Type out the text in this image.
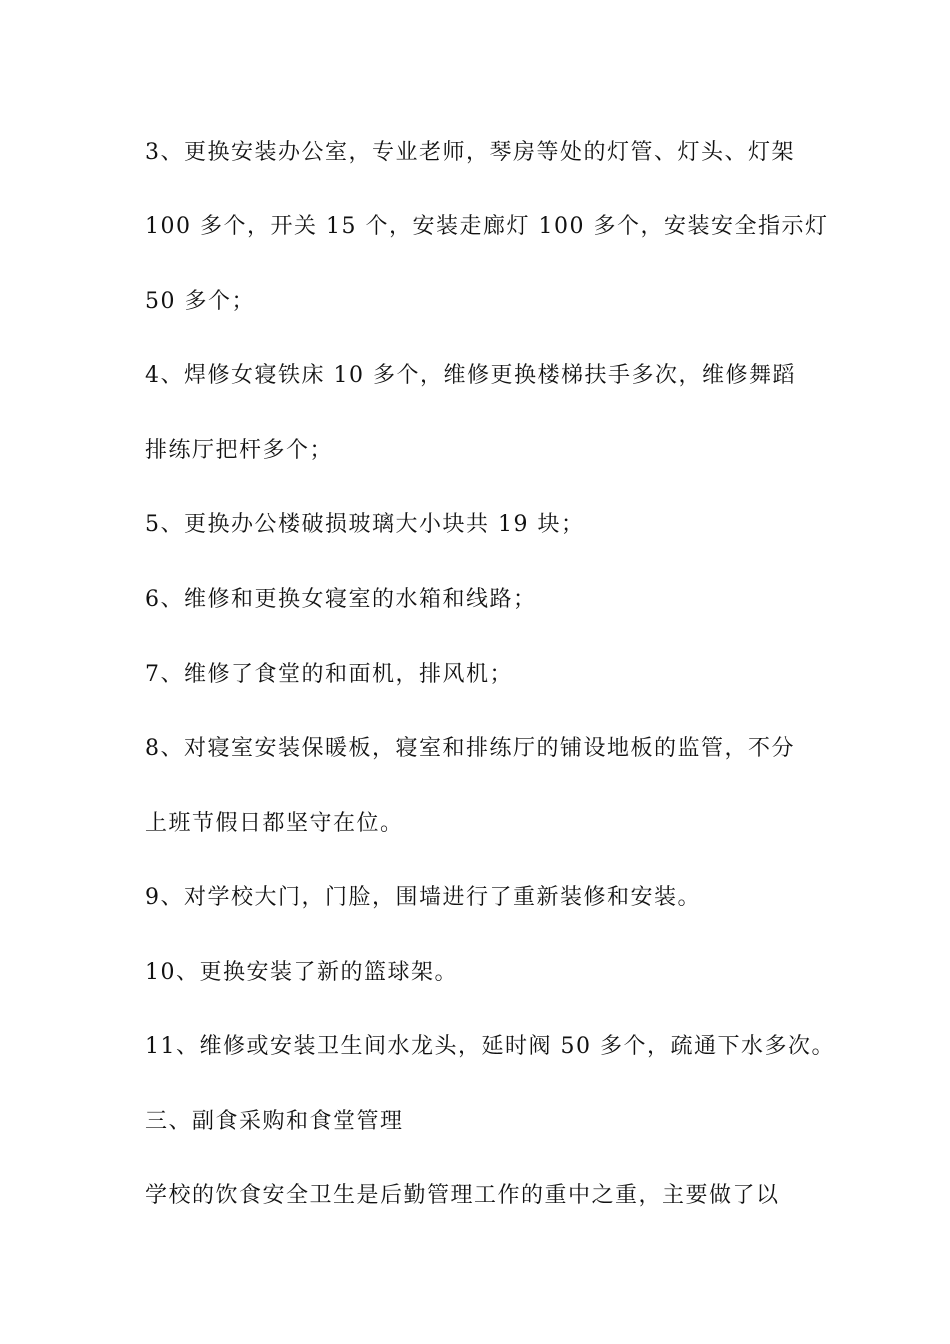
3、更换安装办公室，专业老师，琴房等处的灯管、灯头、灯架

100 多个，开关 15 个，安装走廊灯 100 多个，安装安全指示灯

50 多个；

4、焊修女寝铁床 10 多个，维修更换楼梯扶手多次，维修舞蹈

排练厅把杆多个；

5、更换办公楼破损玻璃大小块共 19 块；

6、维修和更换女寝室的水箱和线路；

7、维修了食堂的和面机，排风机；

8、对寝室安装保暖板，寝室和排练厅的铺设地板的监管，不分

上班节假日都坚守在位。

9、对学校大门，门脸，围墙进行了重新装修和安装。

10、更换安装了新的篮球架。

11、维修或安装卫生间水龙头，延时阀 50 多个，疏通下水多次。

三、副食采购和食堂管理

学校的饮食安全卫生是后勤管理工作的重中之重，主要做了以
